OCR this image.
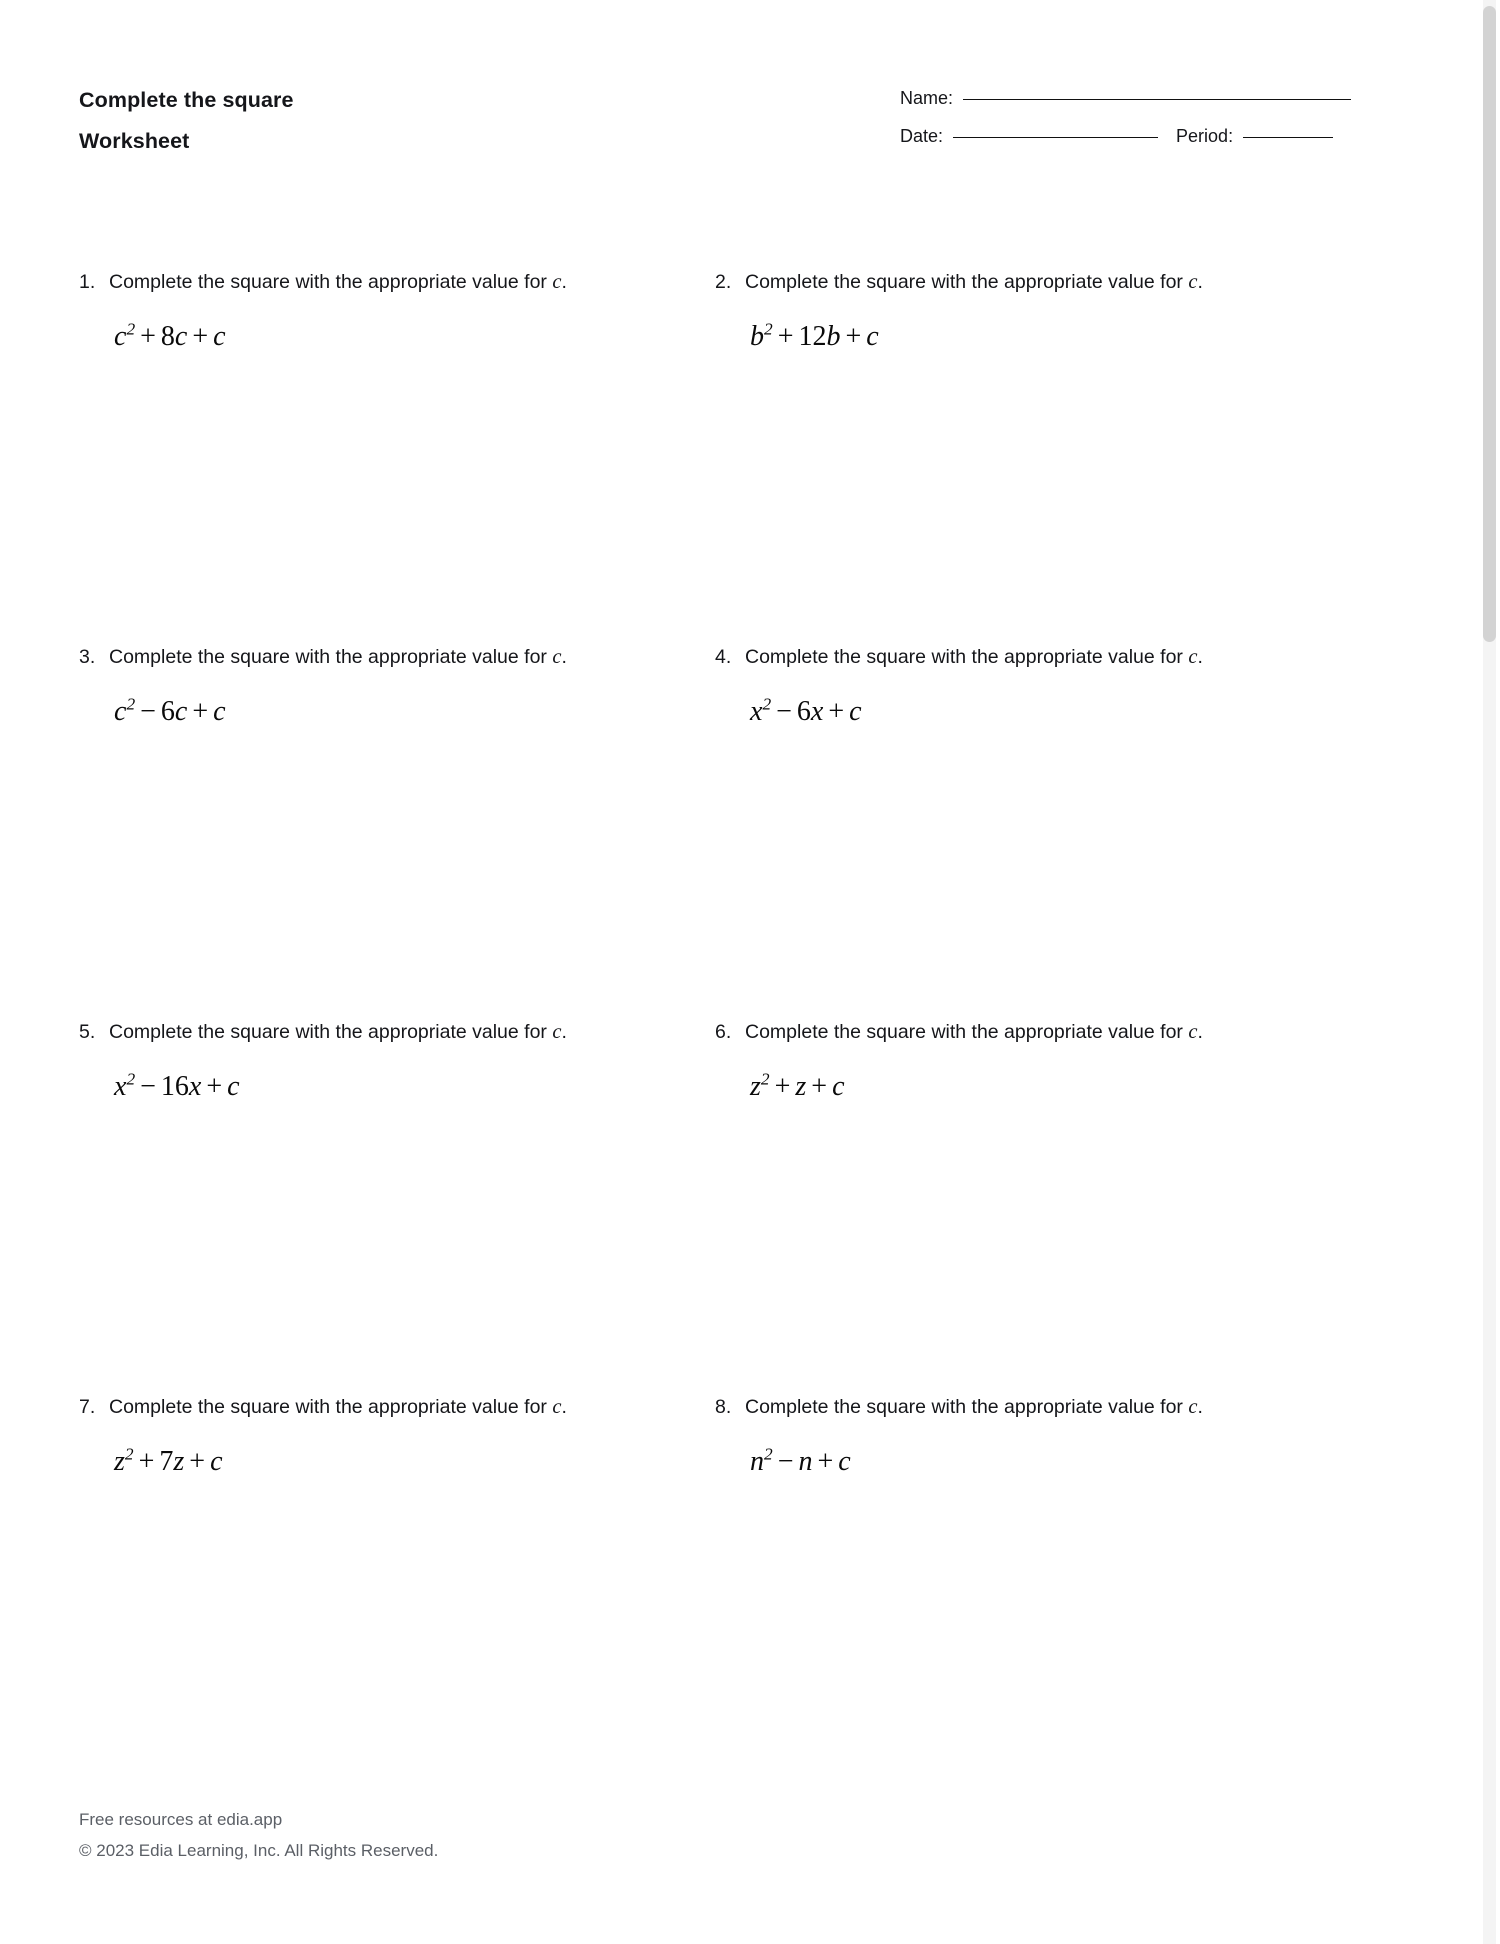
Complete the square
Worksheet
Name:
Date:	Period:
1. Complete the square with the appropriate value for c.
$c^2 + 8c + c$
2. Complete the square with the appropriate value for c.
$b^2 + 12b + c$
3. Complete the square with the appropriate value for c.
$c^2 - 6c + c$
4. Complete the square with the appropriate value for c.
$x^2 - 6x + c$
5. Complete the square with the appropriate value for c.
$x^2 - 16x + c$
6. Complete the square with the appropriate value for c.
$z^2 + z + c$
7. Complete the square with the appropriate value for c.
$z^2 + 7z + c$
8. Complete the square with the appropriate value for c.
$n^2 - n + c$
Free resources at edia.app
© 2023 Edia Learning, Inc. All Rights Reserved.
